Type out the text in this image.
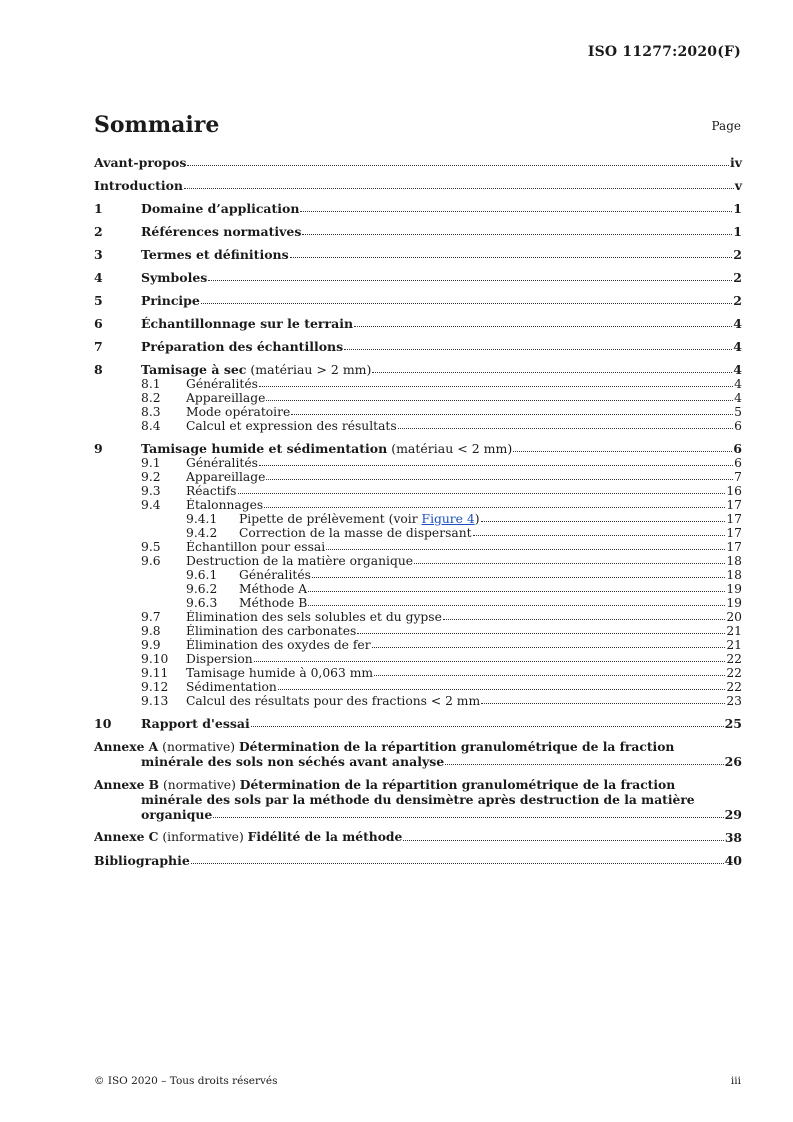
ISO 11277:2020(F)
Sommaire	Page
Avant-propos	iv
Introduction	v
1	Domaine d’application	1
2	Références normatives	1
3	Termes et définitions	2
4	Symboles	2
5	Principe	2
6	Échantillonnage sur le terrain	4
7	Préparation des échantillons	4
8	Tamisage à sec (matériau > 2 mm)	4
8.1	Généralités	4
8.2	Appareillage	4
8.3	Mode opératoire	5
8.4	Calcul et expression des résultats	6
9	Tamisage humide et sédimentation (matériau < 2 mm)	6
9.1	Généralités	6
9.2	Appareillage	7
9.3	Réactifs	16
9.4	Étalonnages	17
9.4.1	Pipette de prélèvement (voir Figure 4)	17
9.4.2	Correction de la masse de dispersant	17
9.5	Échantillon pour essai	17
9.6	Destruction de la matière organique	18
9.6.1	Généralités	18
9.6.2	Méthode A	19
9.6.3	Méthode B	19
9.7	Élimination des sels solubles et du gypse	20
9.8	Élimination des carbonates	21
9.9	Élimination des oxydes de fer	21
9.10	Dispersion	22
9.11	Tamisage humide à 0,063 mm	22
9.12	Sédimentation	22
9.13	Calcul des résultats pour des fractions < 2 mm	23
10	Rapport d'essai	25
Annexe A (normative) Détermination de la répartition granulométrique de la fraction
minérale des sols non séchés avant analyse	26
Annexe B (normative) Détermination de la répartition granulométrique de la fraction
minérale des sols par la méthode du densimètre après destruction de la matière
organique	29
Annexe C (informative) Fidélité de la méthode	38
Bibliographie	40
© ISO 2020 – Tous droits réservés	iii
